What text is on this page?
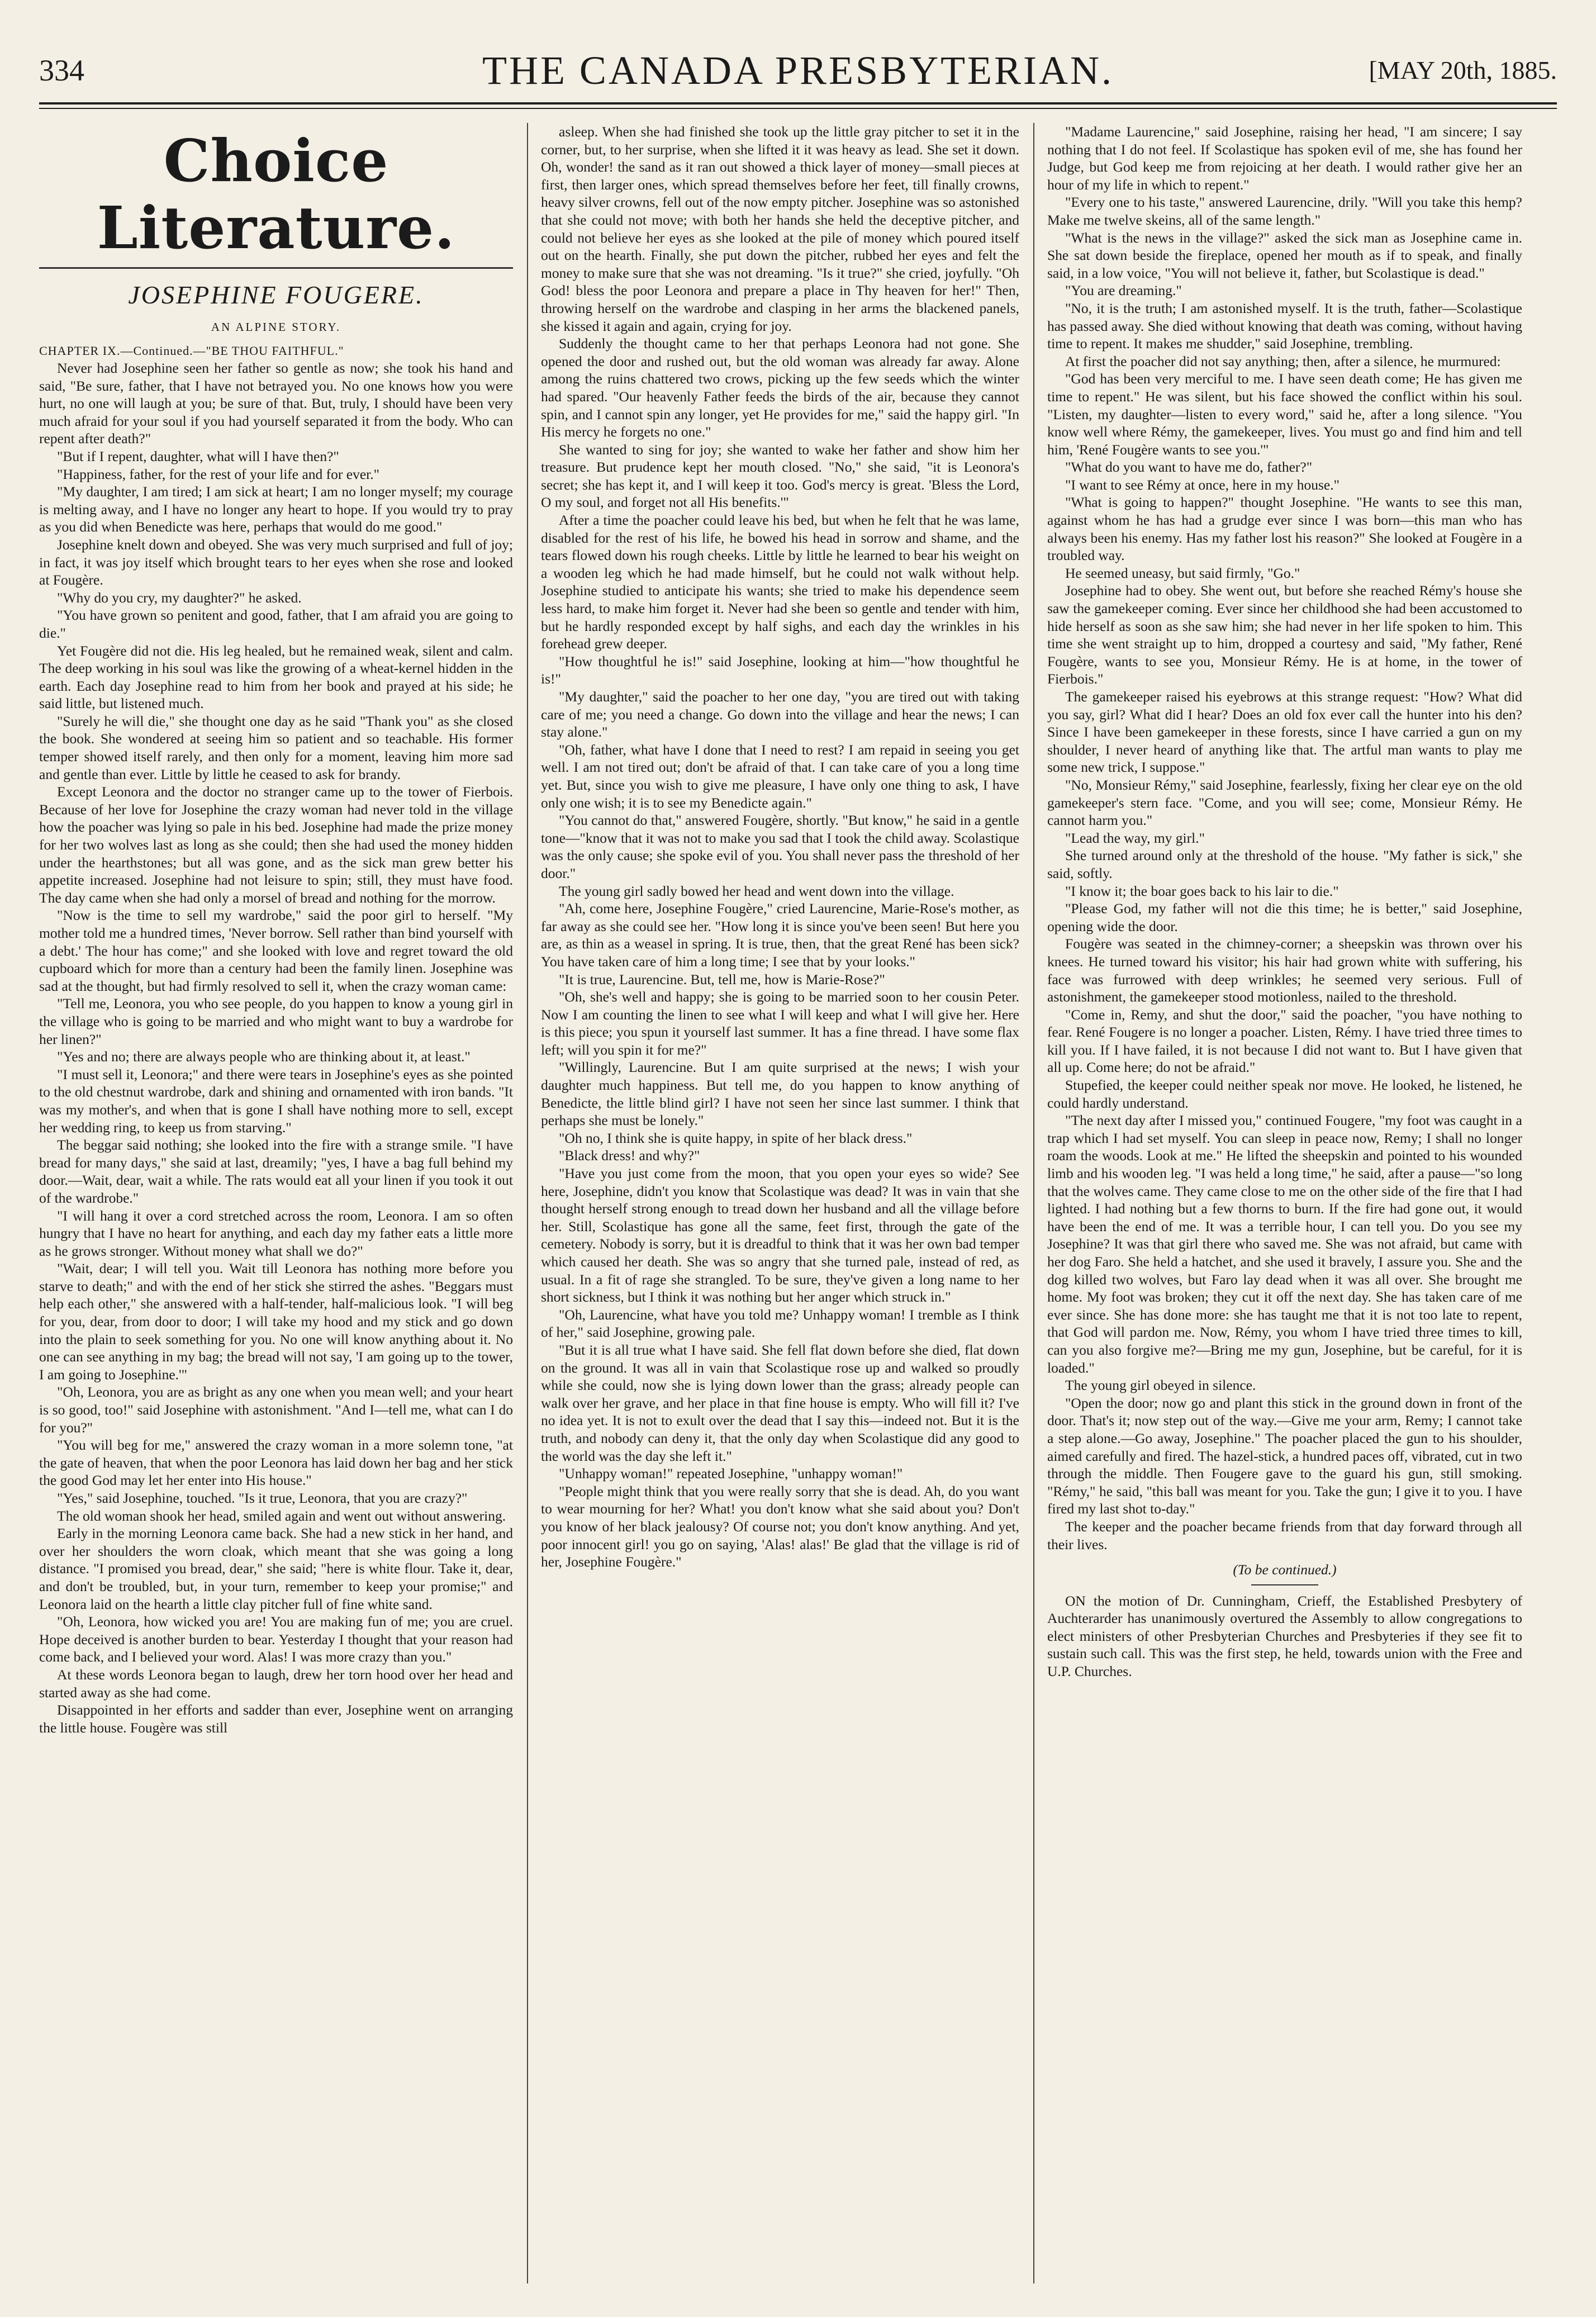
334	THE CANADA PRESBYTERIAN.	[MAY 20th, 1885.
Choice Literature.
JOSEPHINE FOUGERE.
AN ALPINE STORY.

CHAPTER IX.—Continued.—"BE THOU FAITHFUL."

Never had Josephine seen her father so gentle as now; she took his hand and said, "Be sure, father, that I have not betrayed you. No one knows how you were hurt, no one will laugh at you; be sure of that. But, truly, I should have been very much afraid for your soul if you had yourself separated it from the body. Who can repent after death?"

"But if I repent, daughter, what will I have then?"

"Happiness, father, for the rest of your life and for ever."

"My daughter, I am tired; I am sick at heart; I am no longer myself; my courage is melting away, and I have no longer any heart to hope. If you would try to pray as you did when Benedicte was here, perhaps that would do me good."

Josephine knelt down and obeyed. She was very much surprised and full of joy; in fact, it was joy itself which brought tears to her eyes when she rose and looked at Fougère.

"Why do you cry, my daughter?" he asked.

"You have grown so penitent and good, father, that I am afraid you are going to die."

Yet Fougère did not die. His leg healed, but he remained weak, silent and calm. The deep working in his soul was like the growing of a wheat-kernel hidden in the earth. Each day Josephine read to him from her book and prayed at his side; he said little, but listened much.

"Surely he will die," she thought one day as he said "Thank you" as she closed the book. She wondered at seeing him so patient and so teachable. His former temper showed itself rarely, and then only for a moment, leaving him more sad and gentle than ever. Little by little he ceased to ask for brandy.

Except Leonora and the doctor no stranger came up to the tower of Fierbois. Because of her love for Josephine the crazy woman had never told in the village how the poacher was lying so pale in his bed. Josephine had made the prize money for her two wolves last as long as she could; then she had used the money hidden under the hearthstones; but all was gone, and as the sick man grew better his appetite increased. Josephine had not leisure to spin; still, they must have food. The day came when she had only a morsel of bread and nothing for the morrow.

"Now is the time to sell my wardrobe," said the poor girl to herself. "My mother told me a hundred times, 'Never borrow. Sell rather than bind yourself with a debt.' The hour has come;" and she looked with love and regret toward the old cupboard which for more than a century had been the family linen. Josephine was sad at the thought, but had firmly resolved to sell it, when the crazy woman came:

"Tell me, Leonora, you who see people, do you happen to know a young girl in the village who is going to be married and who might want to buy a wardrobe for her linen?"

"Yes and no; there are always people who are thinking about it, at least."

"I must sell it, Leonora;" and there were tears in Josephine's eyes as she pointed to the old chestnut wardrobe, dark and shining and ornamented with iron bands. "It was my mother's, and when that is gone I shall have nothing more to sell, except her wedding ring, to keep us from starving."

The beggar said nothing; she looked into the fire with a strange smile. "I have bread for many days," she said at last, dreamily; "yes, I have a bag full behind my door.—Wait, dear, wait a while. The rats would eat all your linen if you took it out of the wardrobe."

"I will hang it over a cord stretched across the room, Leonora. I am so often hungry that I have no heart for anything, and each day my father eats a little more as he grows stronger. Without money what shall we do?"

"Wait, dear; I will tell you. Wait till Leonora has nothing more before you starve to death;" and with the end of her stick she stirred the ashes. "Beggars must help each other," she answered with a half-tender, half-malicious look. "I will beg for you, dear, from door to door; I will take my hood and my stick and go down into the plain to seek something for you. No one will know anything about it. No one can see anything in my bag; the bread will not say, 'I am going up to the tower, I am going to Josephine.'"

"Oh, Leonora, you are as bright as any one when you mean well; and your heart is so good, too!" said Josephine with astonishment. "And I—tell me, what can I do for you?"

"You will beg for me," answered the crazy woman in a more solemn tone, "at the gate of heaven, that when the poor Leonora has laid down her bag and her stick the good God may let her enter into His house."

"Yes," said Josephine, touched. "Is it true, Leonora, that you are crazy?"

The old woman shook her head, smiled again and went out without answering.

Early in the morning Leonora came back. She had a new stick in her hand, and over her shoulders the worn cloak, which meant that she was going a long distance. "I promised you bread, dear," she said; "here is white flour. Take it, dear, and don't be troubled, but, in your turn, remember to keep your promise;" and Leonora laid on the hearth a little clay pitcher full of fine white sand.

"Oh, Leonora, how wicked you are! You are making fun of me; you are cruel. Hope deceived is another burden to bear. Yesterday I thought that your reason had come back, and I believed your word. Alas! I was more crazy than you."

At these words Leonora began to laugh, drew her torn hood over her head and started away as she had come.

Disappointed in her efforts and sadder than ever, Josephine went on arranging the little house. Fougère was still

asleep. When she had finished she took up the little gray pitcher to set it in the corner, but, to her surprise, when she lifted it it was heavy as lead. She set it down. Oh, wonder! the sand as it ran out showed a thick layer of money—small pieces at first, then larger ones, which spread themselves before her feet, till finally crowns, heavy silver crowns, fell out of the now empty pitcher. Josephine was so astonished that she could not move; with both her hands she held the deceptive pitcher, and could not believe her eyes as she looked at the pile of money which poured itself out on the hearth. Finally, she put down the pitcher, rubbed her eyes and felt the money to make sure that she was not dreaming. "Is it true?" she cried, joyfully. "Oh God! bless the poor Leonora and prepare a place in Thy heaven for her!" Then, throwing herself on the wardrobe and clasping in her arms the blackened panels, she kissed it again and again, crying for joy.

Suddenly the thought came to her that perhaps Leonora had not gone. She opened the door and rushed out, but the old woman was already far away. Alone among the ruins chattered two crows, picking up the few seeds which the winter had spared. "Our heavenly Father feeds the birds of the air, because they cannot spin, and I cannot spin any longer, yet He provides for me," said the happy girl. "In His mercy he forgets no one."

She wanted to sing for joy; she wanted to wake her father and show him her treasure. But prudence kept her mouth closed. "No," she said, "it is Leonora's secret; she has kept it, and I will keep it too. God's mercy is great. 'Bless the Lord, O my soul, and forget not all His benefits.'"

After a time the poacher could leave his bed, but when he felt that he was lame, disabled for the rest of his life, he bowed his head in sorrow and shame, and the tears flowed down his rough cheeks. Little by little he learned to bear his weight on a wooden leg which he had made himself, but he could not walk without help. Josephine studied to anticipate his wants; she tried to make his dependence seem less hard, to make him forget it. Never had she been so gentle and tender with him, but he hardly responded except by half sighs, and each day the wrinkles in his forehead grew deeper.

"How thoughtful he is!" said Josephine, looking at him—"how thoughtful he is!"

"My daughter," said the poacher to her one day, "you are tired out with taking care of me; you need a change. Go down into the village and hear the news; I can stay alone."

"Oh, father, what have I done that I need to rest? I am repaid in seeing you get well. I am not tired out; don't be afraid of that. I can take care of you a long time yet. But, since you wish to give me pleasure, I have only one thing to ask, I have only one wish; it is to see my Benedicte again."

"You cannot do that," answered Fougère, shortly. "But know," he said in a gentle tone—"know that it was not to make you sad that I took the child away. Scolastique was the only cause; she spoke evil of you. You shall never pass the threshold of her door."

The young girl sadly bowed her head and went down into the village.

"Ah, come here, Josephine Fougère," cried Laurencine, Marie-Rose's mother, as far away as she could see her. "How long it is since you've been seen! But here you are, as thin as a weasel in spring. It is true, then, that the great René has been sick? You have taken care of him a long time; I see that by your looks."

"It is true, Laurencine. But, tell me, how is Marie-Rose?"

"Oh, she's well and happy; she is going to be married soon to her cousin Peter. Now I am counting the linen to see what I will keep and what I will give her. Here is this piece; you spun it yourself last summer. It has a fine thread. I have some flax left; will you spin it for me?"

"Willingly, Laurencine. But I am quite surprised at the news; I wish your daughter much happiness. But tell me, do you happen to know anything of Benedicte, the little blind girl? I have not seen her since last summer. I think that perhaps she must be lonely."

"Oh no, I think she is quite happy, in spite of her black dress."

"Black dress! and why?"

"Have you just come from the moon, that you open your eyes so wide? See here, Josephine, didn't you know that Scolastique was dead? It was in vain that she thought herself strong enough to tread down her husband and all the village before her. Still, Scolastique has gone all the same, feet first, through the gate of the cemetery. Nobody is sorry, but it is dreadful to think that it was her own bad temper which caused her death. She was so angry that she turned pale, instead of red, as usual. In a fit of rage she strangled. To be sure, they've given a long name to her short sickness, but I think it was nothing but her anger which struck in."

"Oh, Laurencine, what have you told me? Unhappy woman! I tremble as I think of her," said Josephine, growing pale.

"But it is all true what I have said. She fell flat down before she died, flat down on the ground. It was all in vain that Scolastique rose up and walked so proudly while she could, now she is lying down lower than the grass; already people can walk over her grave, and her place in that fine house is empty. Who will fill it? I've no idea yet. It is not to exult over the dead that I say this—indeed not. But it is the truth, and nobody can deny it, that the only day when Scolastique did any good to the world was the day she left it."

"Unhappy woman!" repeated Josephine, "unhappy woman!"

"People might think that you were really sorry that she is dead. Ah, do you want to wear mourning for her? What! you don't know what she said about you? Don't you know of her black jealousy? Of course not; you don't know anything. And yet, poor innocent girl! you go on saying, 'Alas! alas!' Be glad that the village is rid of her, Josephine Fougère."

"Madame Laurencine," said Josephine, raising her head, "I am sincere; I say nothing that I do not feel. If Scolastique has spoken evil of me, she has found her Judge, but God keep me from rejoicing at her death. I would rather give her an hour of my life in which to repent."

"Every one to his taste," answered Laurencine, drily. "Will you take this hemp? Make me twelve skeins, all of the same length."

"What is the news in the village?" asked the sick man as Josephine came in. She sat down beside the fireplace, opened her mouth as if to speak, and finally said, in a low voice, "You will not believe it, father, but Scolastique is dead."

"You are dreaming."

"No, it is the truth; I am astonished myself. It is the truth, father—Scolastique has passed away. She died without knowing that death was coming, without having time to repent. It makes me shudder," said Josephine, trembling.

At first the poacher did not say anything; then, after a silence, he murmured:

"God has been very merciful to me. I have seen death come; He has given me time to repent." He was silent, but his face showed the conflict within his soul. "Listen, my daughter—listen to every word," said he, after a long silence. "You know well where Rémy, the gamekeeper, lives. You must go and find him and tell him, 'René Fougère wants to see you.'"

"What do you want to have me do, father?"

"I want to see Rémy at once, here in my house."

"What is going to happen?" thought Josephine. "He wants to see this man, against whom he has had a grudge ever since I was born—this man who has always been his enemy. Has my father lost his reason?" She looked at Fougère in a troubled way.

He seemed uneasy, but said firmly, "Go."

Josephine had to obey. She went out, but before she reached Rémy's house she saw the gamekeeper coming. Ever since her childhood she had been accustomed to hide herself as soon as she saw him; she had never in her life spoken to him. This time she went straight up to him, dropped a courtesy and said, "My father, René Fougère, wants to see you, Monsieur Rémy. He is at home, in the tower of Fierbois."

The gamekeeper raised his eyebrows at this strange request: "How? What did you say, girl? What did I hear? Does an old fox ever call the hunter into his den? Since I have been gamekeeper in these forests, since I have carried a gun on my shoulder, I never heard of anything like that. The artful man wants to play me some new trick, I suppose."

"No, Monsieur Rémy," said Josephine, fearlessly, fixing her clear eye on the old gamekeeper's stern face. "Come, and you will see; come, Monsieur Rémy. He cannot harm you."

"Lead the way, my girl."

She turned around only at the threshold of the house. "My father is sick," she said, softly.

"I know it; the boar goes back to his lair to die."

"Please God, my father will not die this time; he is better," said Josephine, opening wide the door.

Fougère was seated in the chimney-corner; a sheepskin was thrown over his knees. He turned toward his visitor; his hair had grown white with suffering, his face was furrowed with deep wrinkles; he seemed very serious. Full of astonishment, the gamekeeper stood motionless, nailed to the threshold.

"Come in, Remy, and shut the door," said the poacher, "you have nothing to fear. René Fougere is no longer a poacher. Listen, Rémy. I have tried three times to kill you. If I have failed, it is not because I did not want to. But I have given that all up. Come here; do not be afraid."

Stupefied, the keeper could neither speak nor move. He looked, he listened, he could hardly understand.

"The next day after I missed you," continued Fougere, "my foot was caught in a trap which I had set myself. You can sleep in peace now, Remy; I shall no longer roam the woods. Look at me." He lifted the sheepskin and pointed to his wounded limb and his wooden leg. "I was held a long time," he said, after a pause—"so long that the wolves came. They came close to me on the other side of the fire that I had lighted. I had nothing but a few thorns to burn. If the fire had gone out, it would have been the end of me. It was a terrible hour, I can tell you. Do you see my Josephine? It was that girl there who saved me. She was not afraid, but came with her dog Faro. She held a hatchet, and she used it bravely, I assure you. She and the dog killed two wolves, but Faro lay dead when it was all over. She brought me home. My foot was broken; they cut it off the next day. She has taken care of me ever since. She has done more: she has taught me that it is not too late to repent, that God will pardon me. Now, Rémy, you whom I have tried three times to kill, can you also forgive me?—Bring me my gun, Josephine, but be careful, for it is loaded."

The young girl obeyed in silence.

"Open the door; now go and plant this stick in the ground down in front of the door. That's it; now step out of the way.—Give me your arm, Remy; I cannot take a step alone.—Go away, Josephine." The poacher placed the gun to his shoulder, aimed carefully and fired. The hazel-stick, a hundred paces off, vibrated, cut in two through the middle. Then Fougere gave to the guard his gun, still smoking. "Rémy," he said, "this ball was meant for you. Take the gun; I give it to you. I have fired my last shot to-day."

The keeper and the poacher became friends from that day forward through all their lives.

(To be continued.)

ON the motion of Dr. Cunningham, Crieff, the Established Presbytery of Auchterarder has unanimously overtured the Assembly to allow congregations to elect ministers of other Presbyterian Churches and Presbyteries if they see fit to sustain such call. This was the first step, he held, towards union with the Free and U.P. Churches.
